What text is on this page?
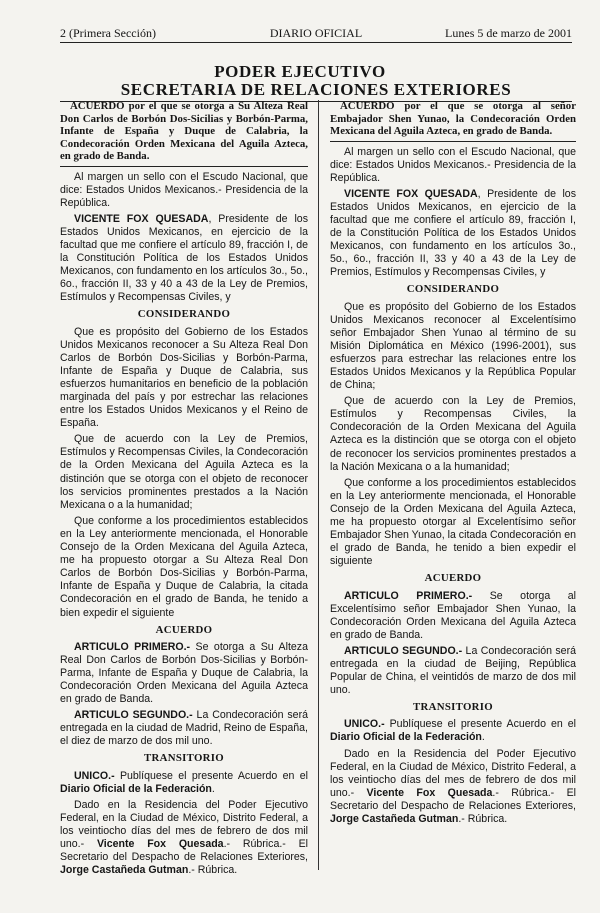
2 (Primera Sección)	DIARIO OFICIAL	Lunes 5 de marzo de 2001
PODER EJECUTIVO
SECRETARIA DE RELACIONES EXTERIORES

ACUERDO por el que se otorga a Su Alteza Real Don Carlos de Borbón Dos-Sicilias y Borbón-Parma, Infante de España y Duque de Calabria, la Condecoración Orden Mexicana del Aguila Azteca, en grado de Banda.

Al margen un sello con el Escudo Nacional, que dice: Estados Unidos Mexicanos.- Presidencia de la República.

VICENTE FOX QUESADA, Presidente de los Estados Unidos Mexicanos, en ejercicio de la facultad que me confiere el artículo 89, fracción I, de la Constitución Política de los Estados Unidos Mexicanos, con fundamento en los artículos 3o., 5o., 6o., fracción II, 33 y 40 a 43 de la Ley de Premios, Estímulos y Recompensas Civiles, y

CONSIDERANDO

Que es propósito del Gobierno de los Estados Unidos Mexicanos reconocer a Su Alteza Real Don Carlos de Borbón Dos-Sicilias y Borbón-Parma, Infante de España y Duque de Calabria, sus esfuerzos humanitarios en beneficio de la población marginada del país y por estrechar las relaciones entre los Estados Unidos Mexicanos y el Reino de España.

Que de acuerdo con la Ley de Premios, Estímulos y Recompensas Civiles, la Condecoración de la Orden Mexicana del Aguila Azteca es la distinción que se otorga con el objeto de reconocer los servicios prominentes prestados a la Nación Mexicana o a la humanidad;

Que conforme a los procedimientos establecidos en la Ley anteriormente mencionada, el Honorable Consejo de la Orden Mexicana del Aguila Azteca, me ha propuesto otorgar a Su Alteza Real Don Carlos de Borbón Dos-Sicilias y Borbón-Parma, Infante de España y Duque de Calabria, la citada Condecoración en el grado de Banda, he tenido a bien expedir el siguiente

ACUERDO

ARTICULO PRIMERO.- Se otorga a Su Alteza Real Don Carlos de Borbón Dos-Sicilias y Borbón-Parma, Infante de España y Duque de Calabria, la Condecoración Orden Mexicana del Aguila Azteca en grado de Banda.

ARTICULO SEGUNDO.- La Condecoración será entregada en la ciudad de Madrid, Reino de España, el diez de marzo de dos mil uno.

TRANSITORIO

UNICO.- Publíquese el presente Acuerdo en el Diario Oficial de la Federación.

Dado en la Residencia del Poder Ejecutivo Federal, en la Ciudad de México, Distrito Federal, a los veintiocho días del mes de febrero de dos mil uno.- Vicente Fox Quesada.- Rúbrica.- El Secretario del Despacho de Relaciones Exteriores, Jorge Castañeda Gutman.- Rúbrica.

ACUERDO por el que se otorga al señor Embajador Shen Yunao, la Condecoración Orden Mexicana del Aguila Azteca, en grado de Banda.

Al margen un sello con el Escudo Nacional, que dice: Estados Unidos Mexicanos.- Presidencia de la República.

VICENTE FOX QUESADA, Presidente de los Estados Unidos Mexicanos, en ejercicio de la facultad que me confiere el artículo 89, fracción I, de la Constitución Política de los Estados Unidos Mexicanos, con fundamento en los artículos 3o., 5o., 6o., fracción II, 33 y 40 a 43 de la Ley de Premios, Estímulos y Recompensas Civiles, y

CONSIDERANDO

Que es propósito del Gobierno de los Estados Unidos Mexicanos reconocer al Excelentísimo señor Embajador Shen Yunao al término de su Misión Diplomática en México (1996-2001), sus esfuerzos para estrechar las relaciones entre los Estados Unidos Mexicanos y la República Popular de China;

Que de acuerdo con la Ley de Premios, Estímulos y Recompensas Civiles, la Condecoración de la Orden Mexicana del Aguila Azteca es la distinción que se otorga con el objeto de reconocer los servicios prominentes prestados a la Nación Mexicana o a la humanidad;

Que conforme a los procedimientos establecidos en la Ley anteriormente mencionada, el Honorable Consejo de la Orden Mexicana del Aguila Azteca, me ha propuesto otorgar al Excelentísimo señor Embajador Shen Yunao, la citada Condecoración en el grado de Banda, he tenido a bien expedir el siguiente

ACUERDO

ARTICULO PRIMERO.- Se otorga al Excelentísimo señor Embajador Shen Yunao, la Condecoración Orden Mexicana del Aguila Azteca en grado de Banda.

ARTICULO SEGUNDO.- La Condecoración será entregada en la ciudad de Beijing, República Popular de China, el veintidós de marzo de dos mil uno.

TRANSITORIO

UNICO.- Publíquese el presente Acuerdo en el Diario Oficial de la Federación.

Dado en la Residencia del Poder Ejecutivo Federal, en la Ciudad de México, Distrito Federal, a los veintiocho días del mes de febrero de dos mil uno.- Vicente Fox Quesada.- Rúbrica.- El Secretario del Despacho de Relaciones Exteriores, Jorge Castañeda Gutman.- Rúbrica.
